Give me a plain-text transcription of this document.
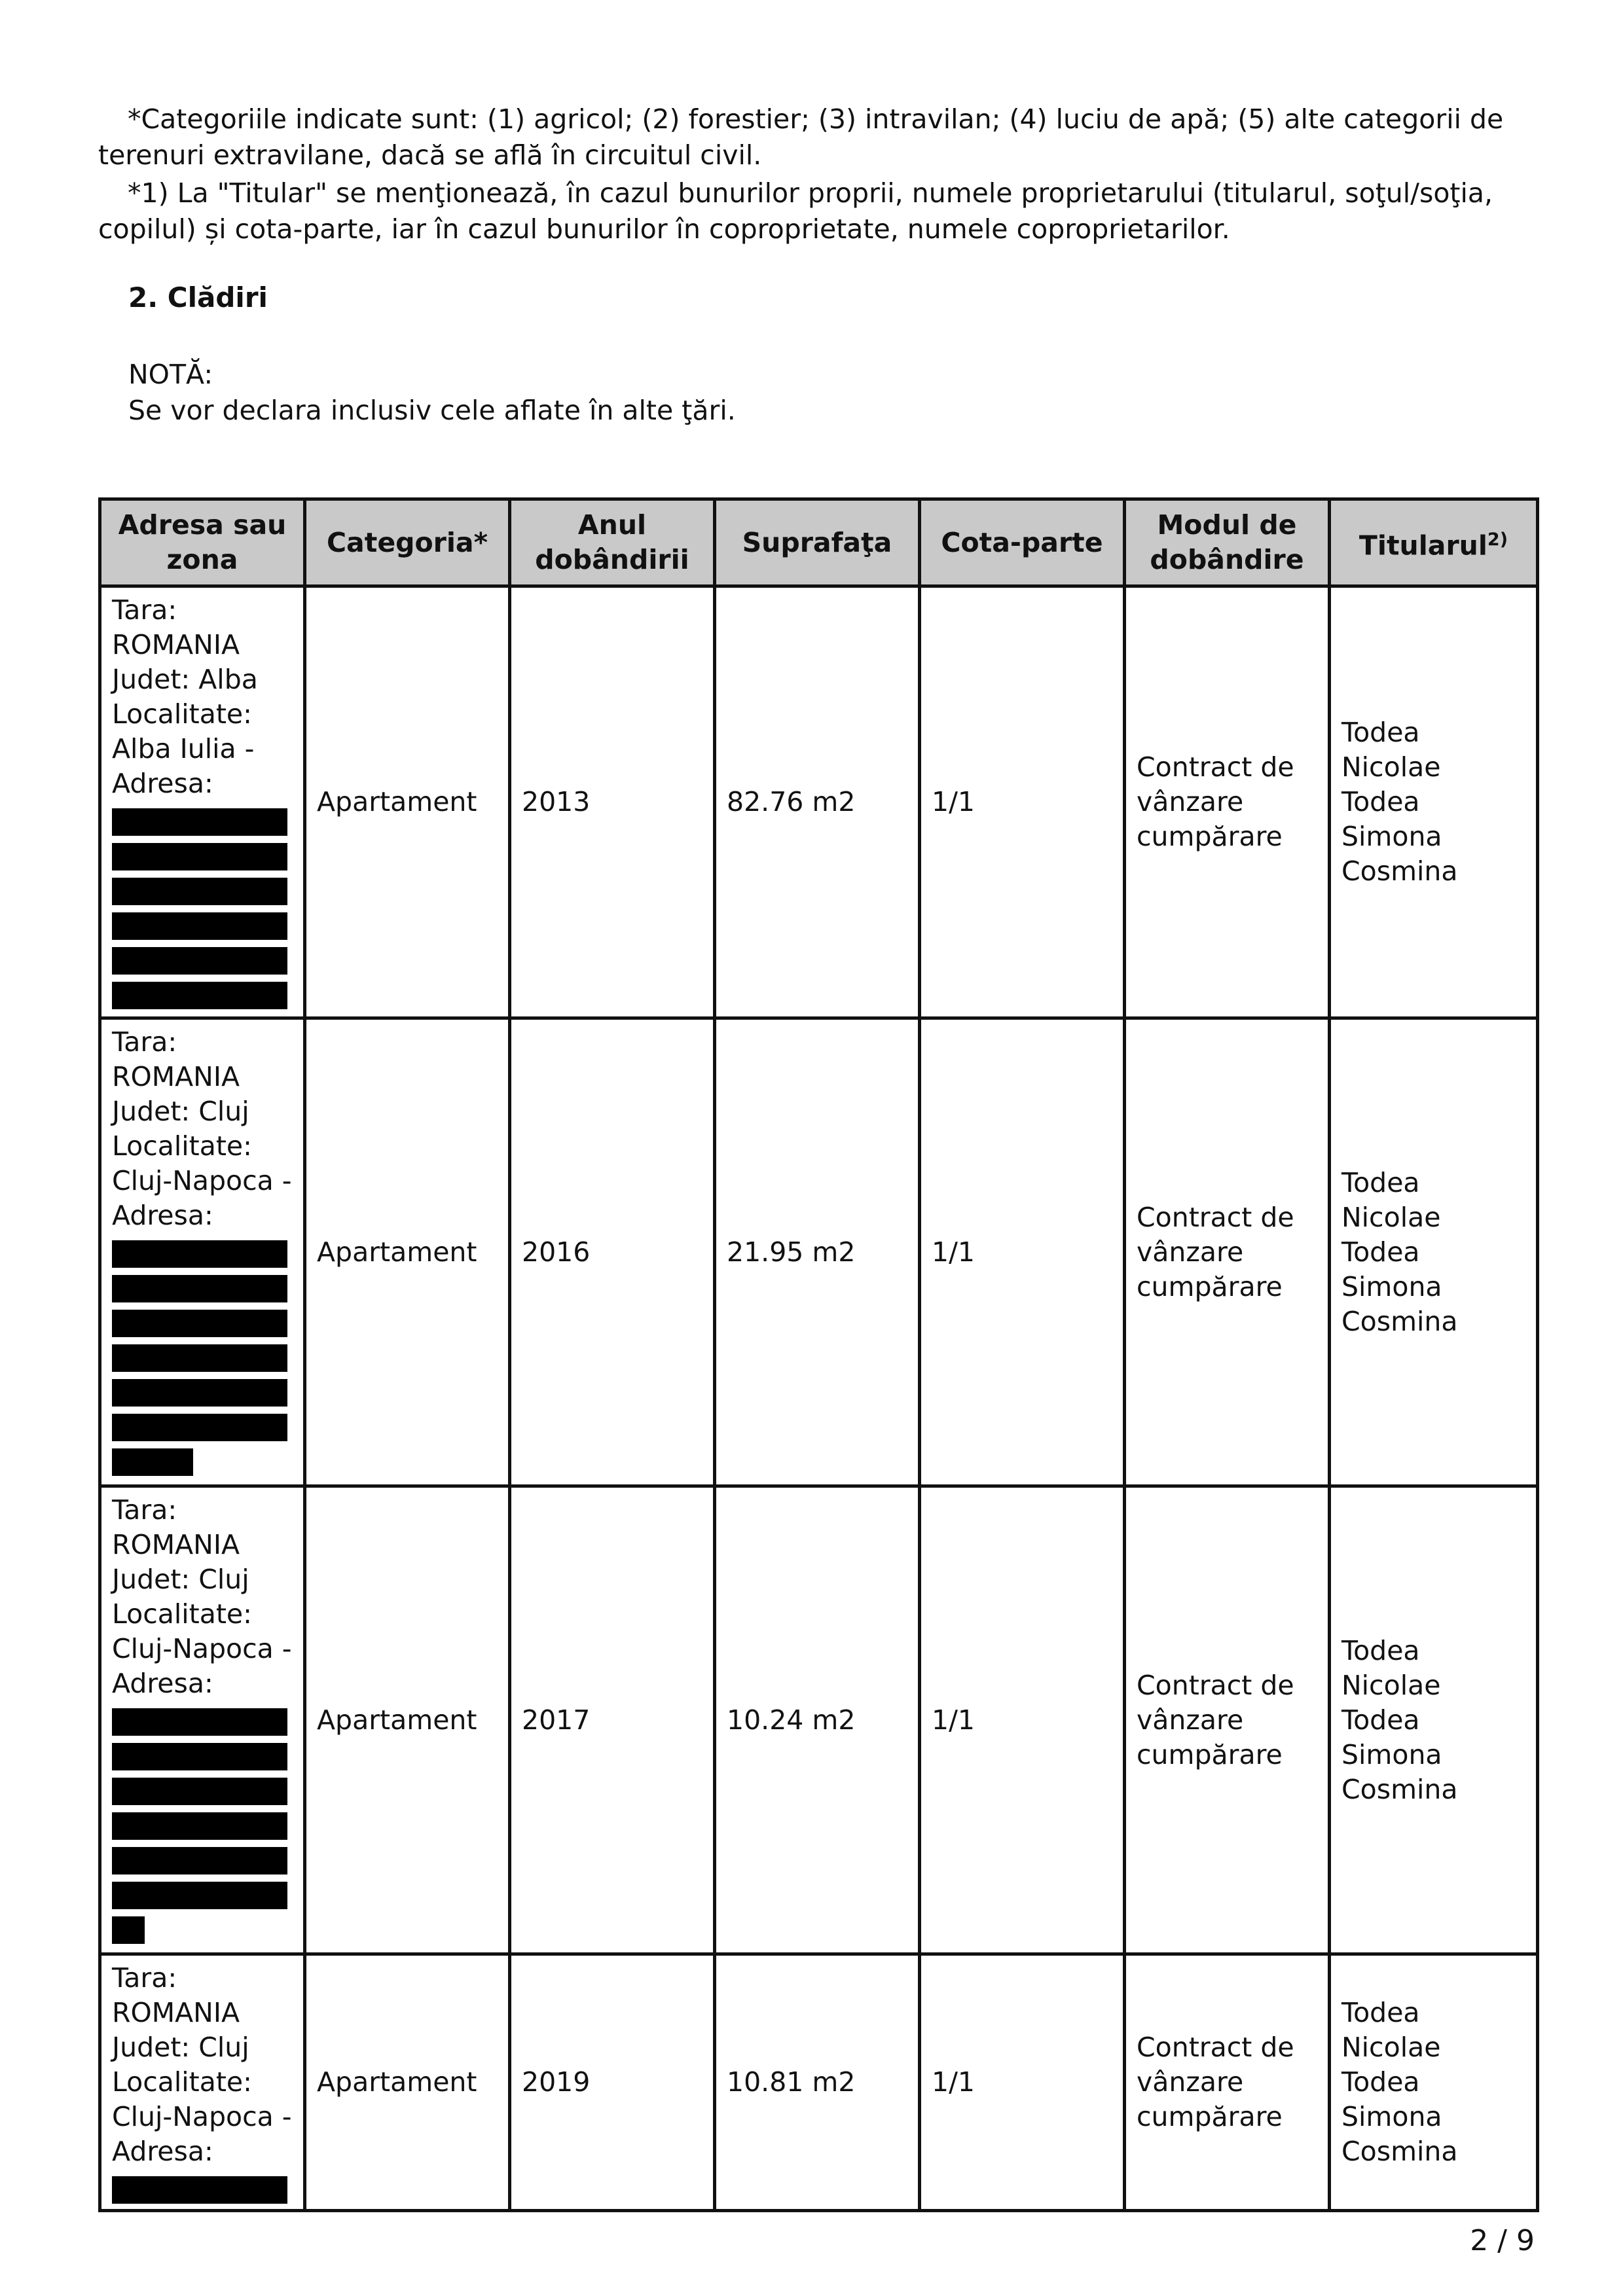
*Categoriile indicate sunt: (1) agricol; (2) forestier; (3) intravilan; (4) luciu de apă; (5) alte categorii de terenuri extravilane, dacă se află în circuitul civil.

*1) La "Titular" se menţionează, în cazul bunurilor proprii, numele proprietarului (titularul, soţul/soţia, copilul) și cota-parte, iar în cazul bunurilor în coproprietate, numele coproprietarilor.

2. Clădiri

NOTĂ:

Se vor declara inclusiv cele aflate în alte ţări.

Adresa sau zona	Categoria*	Anul dobândirii	Suprafaţa	Cota-parte	Modul de dobândire	Titularul$^{2)}$

Tara: ROMANIA
Judet: Alba
Localitate: Alba Iulia -
Adresa:	Apartament	2013	82.76 m2	1/1	Contract de vânzare cumpărare	Todea Nicolae
Todea Simona Cosmina

Tara: ROMANIA
Judet: Cluj
Localitate: Cluj-Napoca -
Adresa:	Apartament	2016	21.95 m2	1/1	Contract de vânzare cumpărare	Todea Nicolae
Todea Simona Cosmina

Tara: ROMANIA
Judet: Cluj
Localitate: Cluj-Napoca -
Adresa:	Apartament	2017	10.24 m2	1/1	Contract de vânzare cumpărare	Todea Nicolae
Todea Simona Cosmina

Tara: ROMANIA
Judet: Cluj
Localitate: Cluj-Napoca -
Adresa:	Apartament	2019	10.81 m2	1/1	Contract de vânzare cumpărare	Todea Nicolae
Todea Simona Cosmina

2 / 9
